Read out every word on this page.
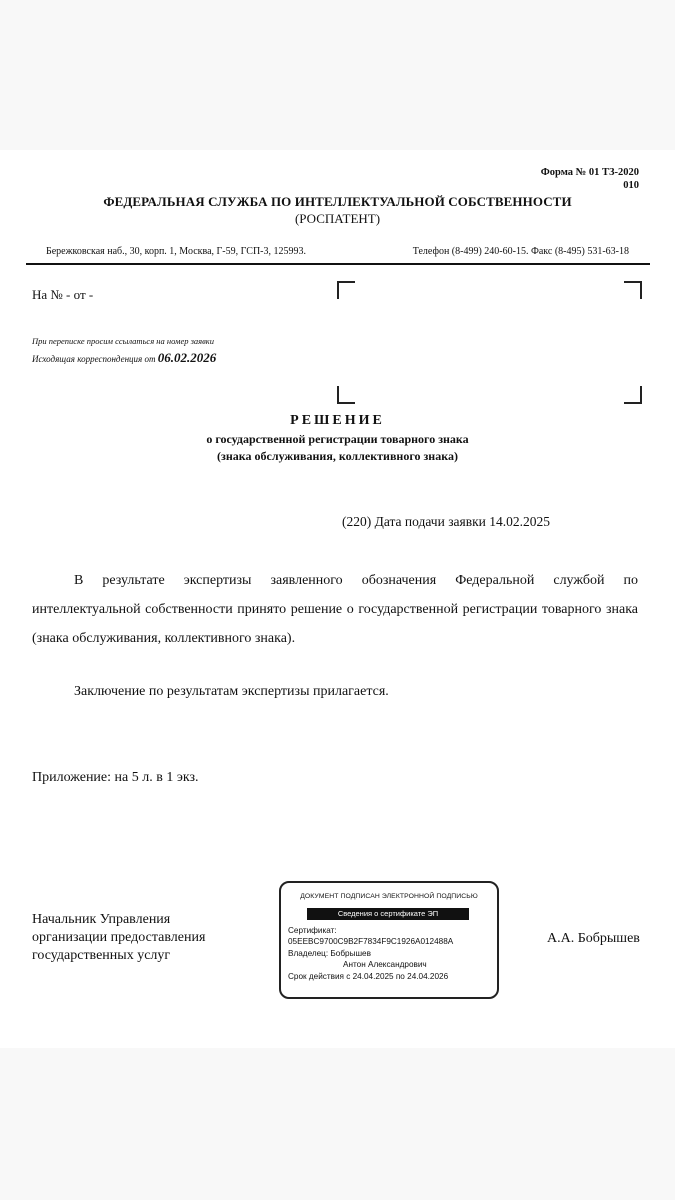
Форма № 01 ТЗ-2020
010
ФЕДЕРАЛЬНАЯ СЛУЖБА ПО ИНТЕЛЛЕКТУАЛЬНОЙ СОБСТВЕННОСТИ
(РОСПАТЕНТ)
Бережковская наб., 30, корп. 1, Москва, Г-59, ГСП-3, 125993.	Телефон (8-499) 240-60-15. Факс (8-495) 531-63-18
На № - от -
При переписке просим ссылаться на номер заявки
Исходящая корреспонденция от 06.02.2026
РЕШЕНИЕ
о государственной регистрации товарного знака
(знака обслуживания, коллективного знака)
(220) Дата подачи заявки 14.02.2025
В результате экспертизы заявленного обозначения Федеральной службой по интеллектуальной собственности принято решение о государственной регистрации товарного знака (знака обслуживания, коллективного знака).
Заключение по результатам экспертизы прилагается.
Приложение: на 5 л. в 1 экз.
Начальник Управления
организации предоставления
государственных услуг
ДОКУМЕНТ ПОДПИСАН ЭЛЕКТРОННОЙ ПОДПИСЬЮ
Сведения о сертификате ЭП
Сертификат:
05EEBC9700C9B2F7834F9C1926A012488A
Владелец: Бобрышев
Антон Александрович
Срок действия с 24.04.2025 по 24.04.2026
А.А. Бобрышев
